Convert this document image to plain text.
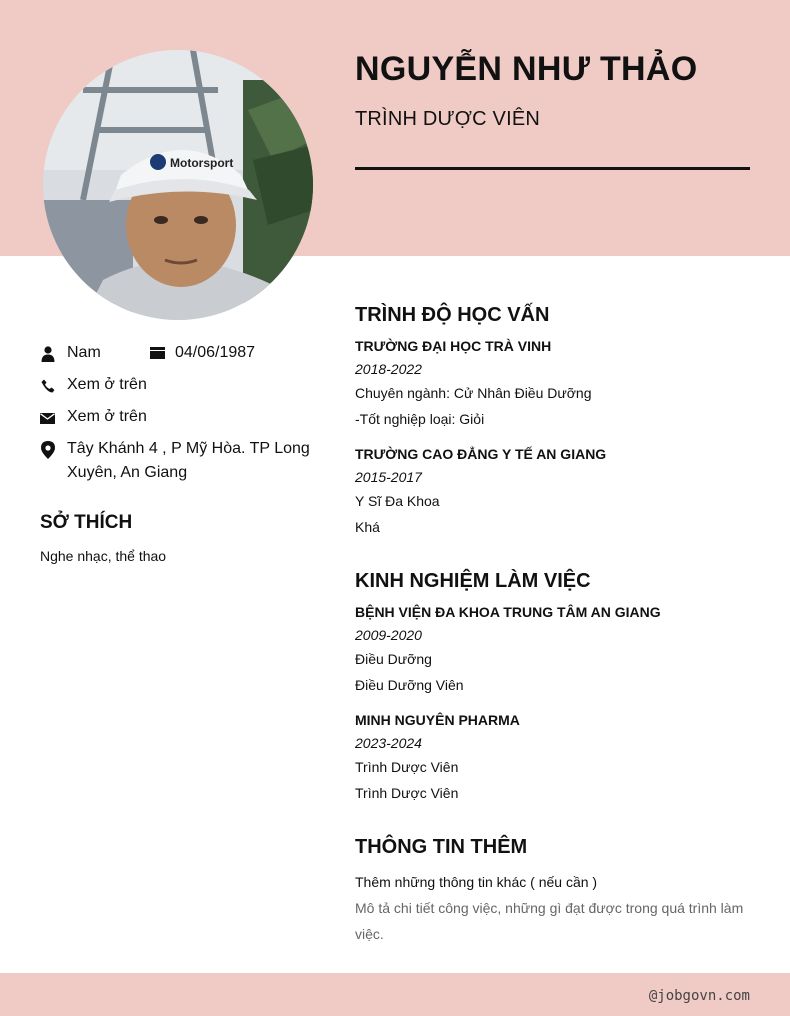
Motorsport
NGUYỄN NHƯ THẢO
TRÌNH DƯỢC VIÊN
Nam	04/06/1987
Xem ở trên
Xem ở trên
Tây Khánh 4 , P Mỹ Hòa. TP Long Xuyên, An Giang
SỞ THÍCH
Nghe nhạc, thể thao
TRÌNH ĐỘ HỌC VẤN
TRƯỜNG ĐẠI HỌC TRÀ VINH
2018-2022
Chuyên ngành: Cử Nhân Điều Dưỡng
-Tốt nghiệp loại: Giỏi
TRƯỜNG CAO ĐẲNG Y TẾ AN GIANG
2015-2017
Y Sĩ Đa Khoa
Khá
KINH NGHIỆM LÀM VIỆC
BỆNH VIỆN ĐA KHOA TRUNG TÂM AN GIANG
2009-2020
Điều Dưỡng
Điều Dưỡng Viên
MINH NGUYÊN PHARMA
2023-2024
Trình Dược Viên
Trình Dược Viên
THÔNG TIN THÊM
Thêm những thông tin khác ( nếu cần )
Mô tả chi tiết công việc, những gì đạt được trong quá trình làm việc.
@jobgovn.com
